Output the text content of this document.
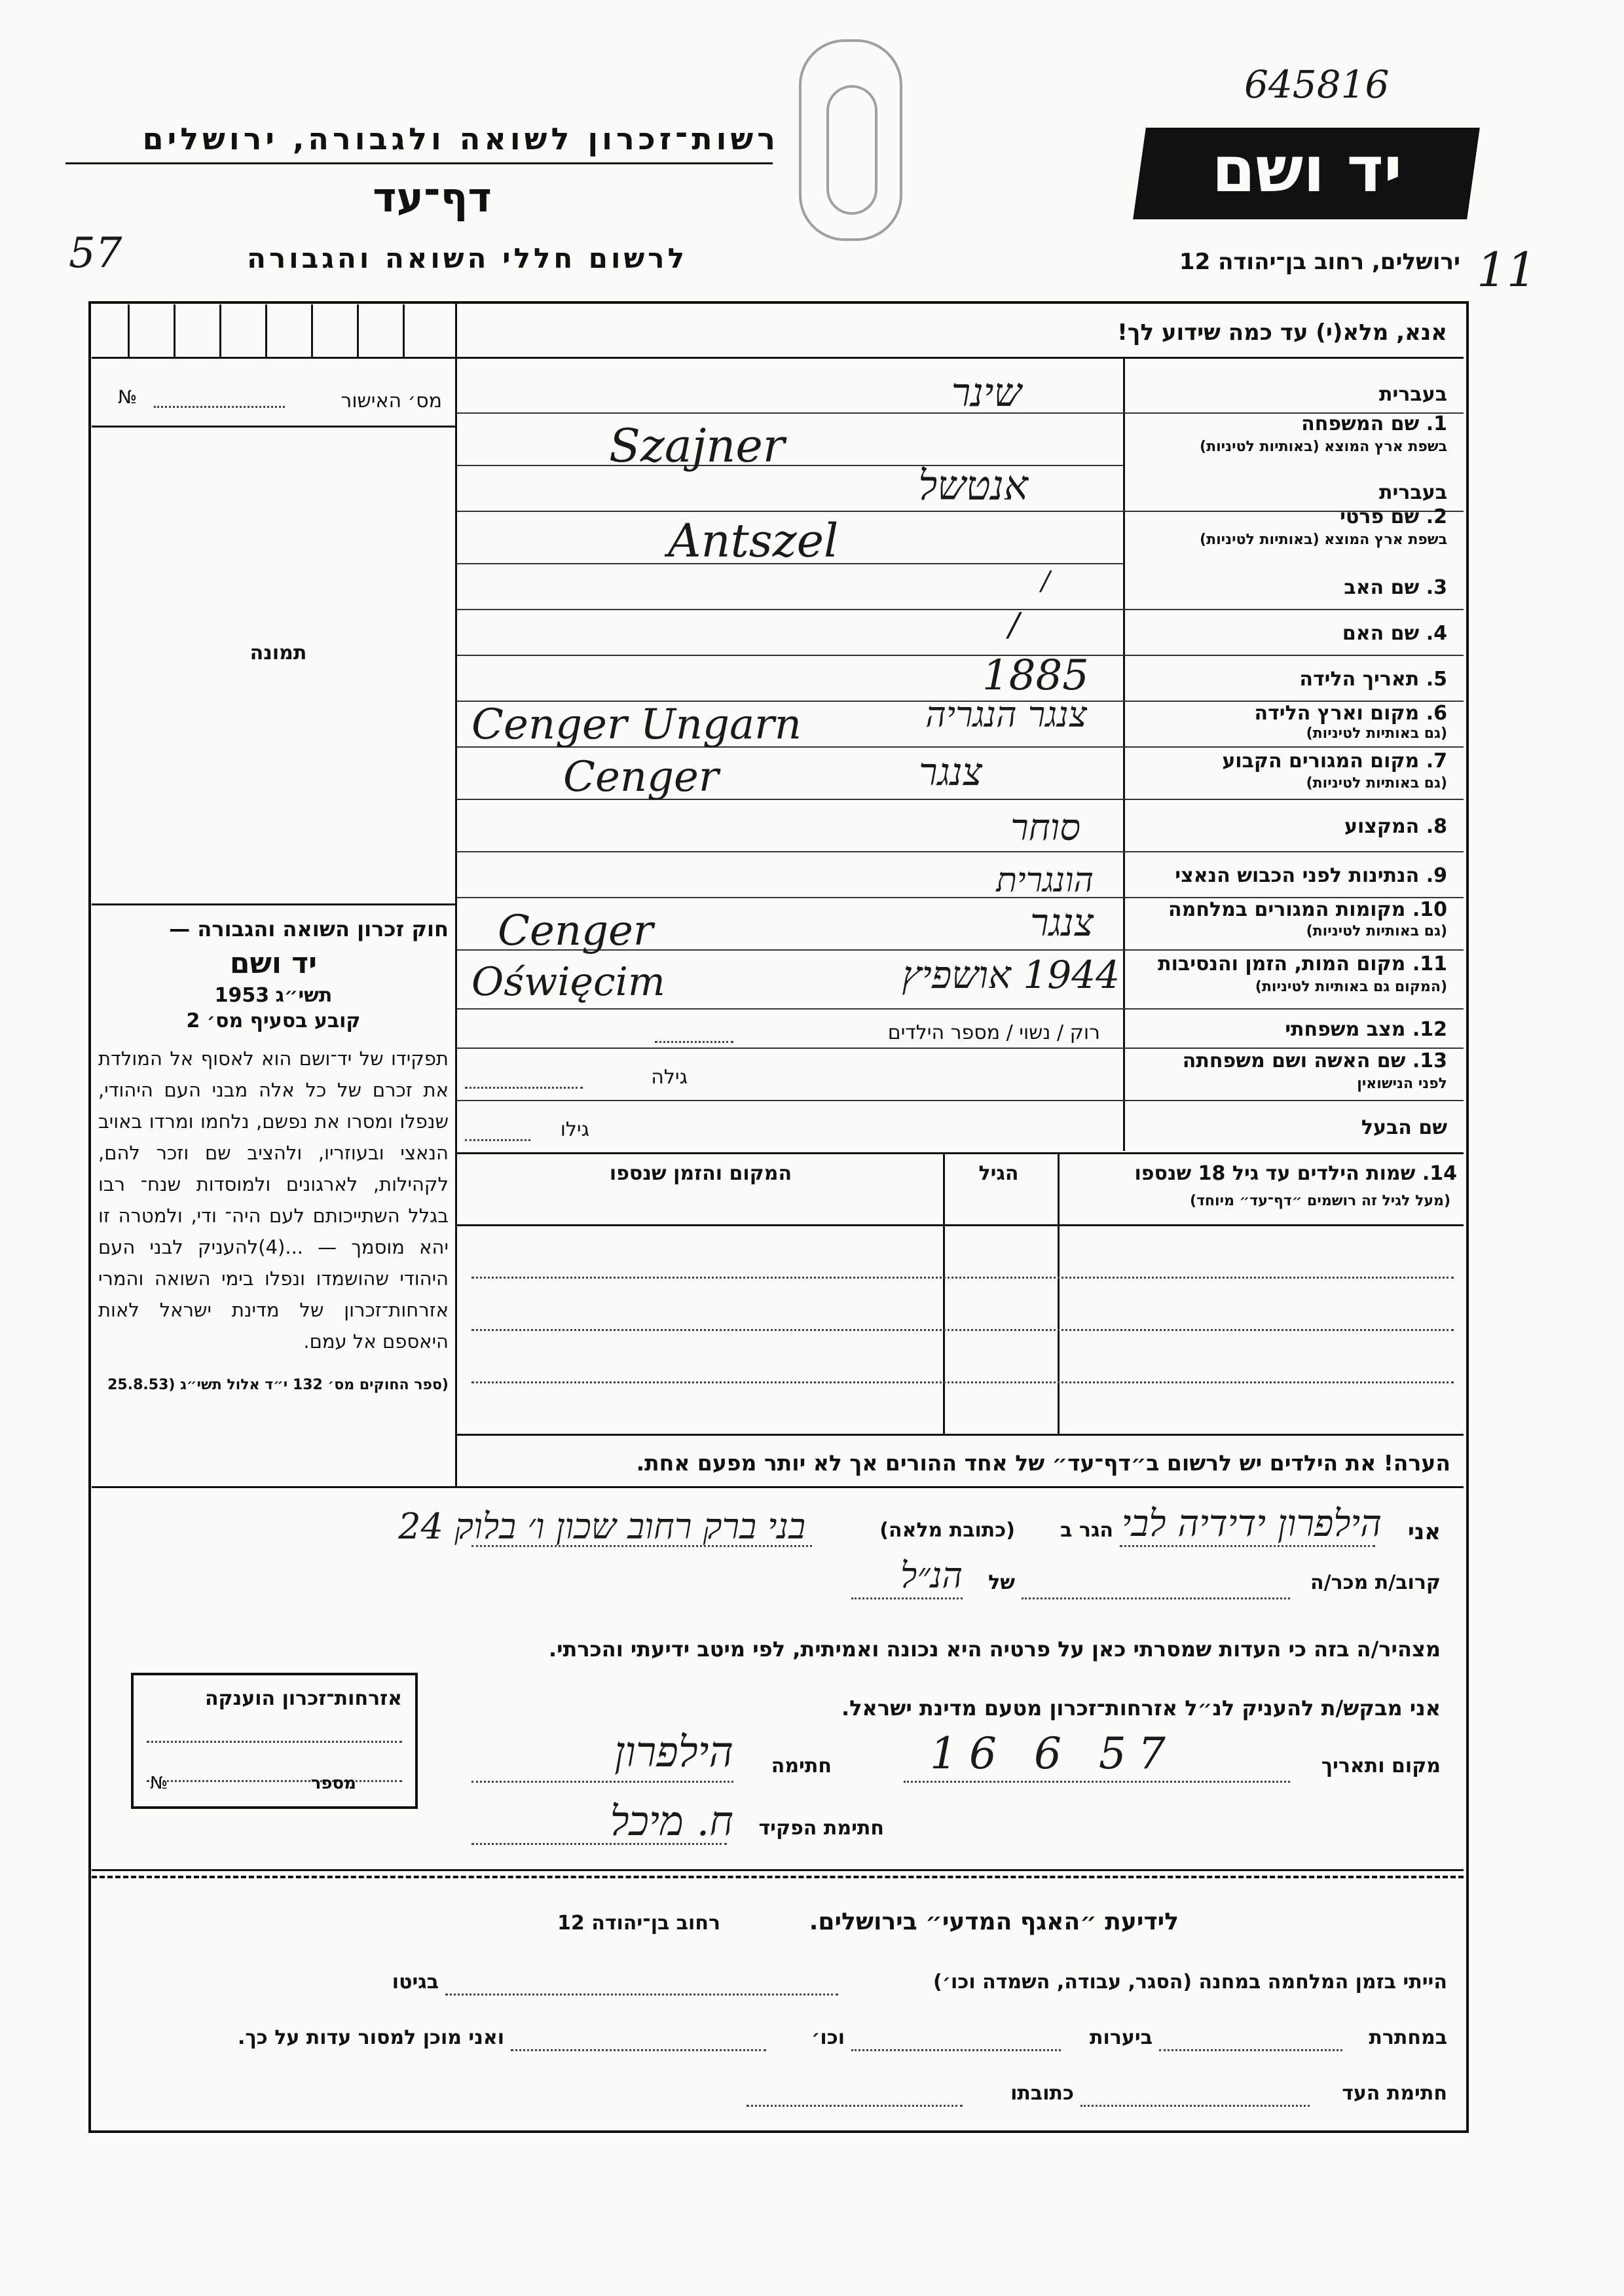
רשות־זכרון לשואה ולגבורה, ירושלים
דף־עד
לרשום חללי השואה והגבורה
57
יד ושם
645816
ירושלים, רחוב בן־יהודה 12 11
אנא, מלא(י) עד כמה שידוע לך!
מס׳ האישור
№
תמונה
חוק זכרון השואה והגבורה —
יד ושם
תשי״ג 1953
קובע בסעיף מס׳ 2
תפקידו של יד־ושם הוא לאסוף אל המולדת את זכרם של כל אלה מבני העם היהודי, שנפלו ומסרו את נפשם, נלחמו ומרדו באויב הנאצי ובעוזריו, ולהציב שם וזכר להם, לקהילות, לארגונים ולמוסדות שנח־ רבו בגלל השתייכותם לעם היה־ ודי, ולמטרה זו יהא מוסמך — ...(4)להעניק לבני העם היהודי שהושמדו ונפלו בימי השואה והמרי אזרחות־זכרון של מדינת ישראל לאות היאספם אל עמם.
(ספר החוקים מס׳ 132 י״ד אלול תשי״ג (25.8.53
בעברית
1. שם המשפחה
בשפת ארץ המוצא (באותיות לטיניות)
בעברית
2. שם פרטי
בשפת ארץ המוצא (באותיות לטיניות)
3. שם האב
4. שם האם
5. תאריך הלידה
6. מקום וארץ הלידה
(גם באותיות לטיניות)
7. מקום המגורים הקבוע
(גם באותיות לטיניות)
8. המקצוע
9. הנתינות לפני הכבוש הנאצי
10. מקומות המגורים במלחמה
(גם באותיות לטיניות)
11. מקום המות, הזמן והנסיבות
(המקום גם באותיות לטיניות)
12. מצב משפחתי
13. שם האשה ושם משפחתה
לפני הנישואין
שם הבעל
שינר
Szajner
אנטשל
Antszel
/
/
1885
צנגר הנגריה
Cenger Ungarn
צנגר
Cenger
סוחר
הונגרית
צנגר
Cenger
1944 אושפיץ
Oświęcim
רוק / נשוי / מספר הילדים
גילה
גילו
14. שמות הילדים עד גיל 18 שנספו
(מעל לגיל זה רושמים ״דף־עד״ מיוחד)
הגיל
המקום והזמן שנספו
הערה! את הילדים יש לרשום ב״דף־עד״ של אחד ההורים אך לא יותר מפעם אחת.
אני
הילפרון ידידיה לבי
הגר ב
(כתובת מלאה)
בני ברק רחוב שכון ו׳ בלוק 24
קרוב/ת מכר/ה
של
הנ״ל
מצהיר/ה בזה כי העדות שמסרתי כאן על פרטיה היא נכונה ואמיתית, לפי מיטב ידיעתי והכרתי.
אני מבקש/ת להעניק לנ״ל אזרחות־זכרון מטעם מדינת ישראל.
מקום ותאריך
16 6 57
חתימה
הילפרון
חתימת הפקיד
ח. מיכל
אזרחות־זכרון הוענקה
מספר
№
לידיעת ״האגף המדעי״ בירושלים.
רחוב בן־יהודה 12
הייתי בזמן המלחמה במחנה (הסגר, עבודה, השמדה וכו׳)
בגיטו
במחתרת
ביערות
וכו׳
ואני מוכן למסור עדות על כך.
חתימת העד
כתובתו
